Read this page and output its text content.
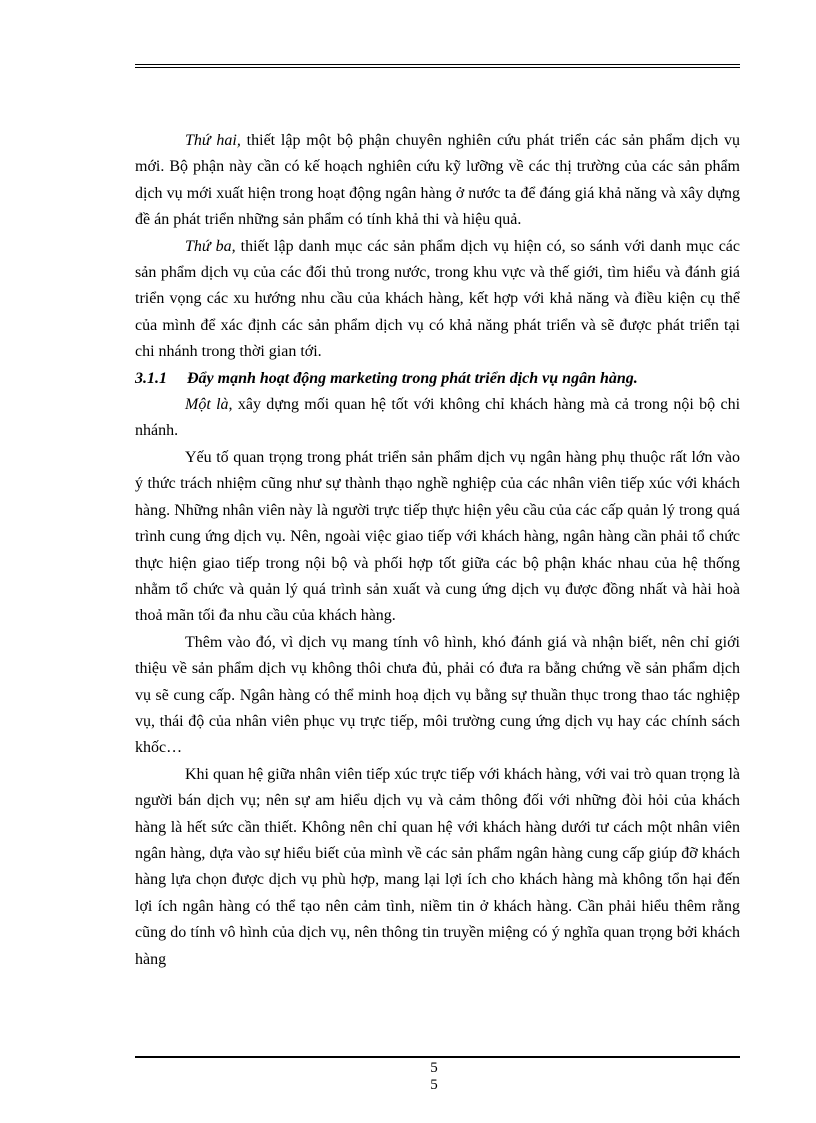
Thứ hai, thiết lập một bộ phận chuyên nghiên cứu phát triển các sản phẩm dịch vụ mới. Bộ phận này cần có kế hoạch nghiên cứu kỹ lưỡng về các thị trường của các sản phẩm dịch vụ mới xuất hiện trong hoạt động ngân hàng ở nước ta để đáng giá khả năng và xây dựng đề án phát triển những sản phẩm có tính khả thi và hiệu quả.

Thứ ba, thiết lập danh mục các sản phẩm dịch vụ hiện có, so sánh với danh mục các sản phẩm dịch vụ của các đối thủ trong nước, trong khu vực và thế giới, tìm hiểu và đánh giá triển vọng các xu hướng nhu cầu của khách hàng, kết hợp với khả năng và điều kiện cụ thể của mình để xác định các sản phẩm dịch vụ có khả năng phát triển và sẽ được phát triển tại chi nhánh trong thời gian tới.

3.1.1	Đẩy mạnh hoạt động marketing trong phát triển dịch vụ ngân hàng.

Một là, xây dựng mối quan hệ tốt với không chỉ khách hàng mà cả trong nội bộ chi nhánh.

Yếu tố quan trọng trong phát triển sản phẩm dịch vụ ngân hàng phụ thuộc rất lớn vào ý thức trách nhiệm cũng như sự thành thạo nghề nghiệp của các nhân viên tiếp xúc với khách hàng. Những nhân viên này là người trực tiếp thực hiện yêu cầu của các cấp quản lý trong quá trình cung ứng dịch vụ. Nên, ngoài việc giao tiếp với khách hàng, ngân hàng cần phải tổ chức thực hiện giao tiếp trong nội bộ và phối hợp tốt giữa các bộ phận khác nhau của hệ thống nhằm tổ chức và quản lý quá trình sản xuất và cung ứng dịch vụ được đồng nhất và hài hoà thoả mãn tối đa nhu cầu của khách hàng.

Thêm vào đó, vì dịch vụ mang tính vô hình, khó đánh giá và nhận biết, nên chỉ giới thiệu về sản phẩm dịch vụ không thôi chưa đủ, phải có đưa ra bằng chứng về sản phẩm dịch vụ sẽ cung cấp. Ngân hàng có thể minh hoạ dịch vụ bằng sự thuần thục trong thao tác nghiệp vụ, thái độ của nhân viên phục vụ trực tiếp, môi trường cung ứng dịch vụ hay các chính sách khốc…

Khi quan hệ giữa nhân viên tiếp xúc trực tiếp với khách hàng, với vai trò quan trọng là người bán dịch vụ; nên sự am hiểu dịch vụ và cảm thông đối với những đòi hỏi của khách hàng là hết sức cần thiết. Không nên chỉ quan hệ với khách hàng dưới tư cách một nhân viên ngân hàng, dựa vào sự hiểu biết của mình về các sản phẩm ngân hàng cung cấp giúp đỡ khách hàng lựa chọn được dịch vụ phù hợp, mang lại lợi ích cho khách hàng mà không tổn hại đến lợi ích ngân hàng có thể tạo nên cảm tình, niềm tin ở khách hàng. Cần phải hiểu thêm rằng cũng do tính vô hình của dịch vụ, nên thông tin truyền miệng có ý nghĩa quan trọng bởi khách hàng

5
5
